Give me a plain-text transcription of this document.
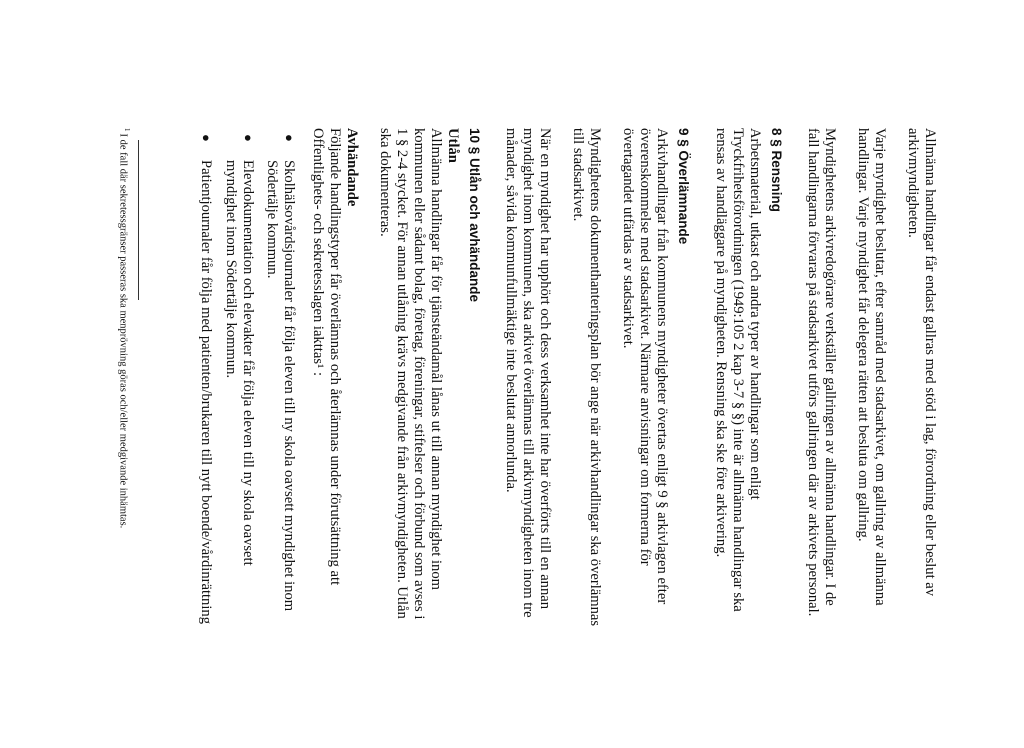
Allmänna handlingar får endast gallras med stöd i lag, förordning eller beslut av arkivmyndigheten.

Varje myndighet beslutar, efter samråd med stadsarkivet, om gallring av allmänna handlingar. Varje myndighet får delegera rätten att besluta om gallring.

Myndighetens arkivredogörare verkställer gallringen av allmänna handlingar. I de fall handlingarna förvaras på stadsarkivet utförs gallringen där av arkivets personal.

8 § Rensning

Arbetsmaterial, utkast och andra typer av handlingar som enligt Tryckfrihetsförordningen (1949:105 2 kap 3-7 § §) inte är allmänna handlingar ska rensas av handläggare på myndigheten. Rensning ska ske före arkivering.

9 § Överlämnande

Arkivhandlingar från kommunens myndigheter övertas enligt 9 § arkivlagen efter överenskommelse med stadsarkivet. Närmare anvisningar om formerna för övertagandet utfärdas av stadsarkivet.

Myndighetens dokumenthanteringsplan bör ange när arkivhandlingar ska överlämnas till stadsarkivet.

När en myndighet har upphört och dess verksamhet inte har överförts till en annan myndighet inom kommunen, ska arkivet överlämnas till arkivmyndigheten inom tre månader, såvida kommunfullmäktige inte beslutat annorlunda.

10 § Utlån och avhändande

Utlån

Allmänna handlingar får för tjänsteändamål lånas ut till annan myndighet inom kommunen eller sådant bolag, företag, föreningar, stiftelser och förbund som avses i 1 § 2-4 stycket. För annan utlåning krävs medgivande från arkivmyndigheten. Utlån ska dokumenteras.

Avhändande

Följande handlingstyper får överlämnas och återlämnas under förutsättning att Offentlighets- och sekretesslagen iakttas¹ :

●
Skolhälsovårdsjournaler får följa eleven till ny skola oavsett myndighet inom Södertälje kommun.
●
Elevdokumentation och elevakter får följa eleven till ny skola oavsett myndighet inom Södertälje kommun.
●
Patientjournaler får följa med patienten/brukaren till nytt boende/vårdinrättning

$^1$I de fall där sekretessgränser passeras ska menprövning göras och/eller medgivande inhämtas.
